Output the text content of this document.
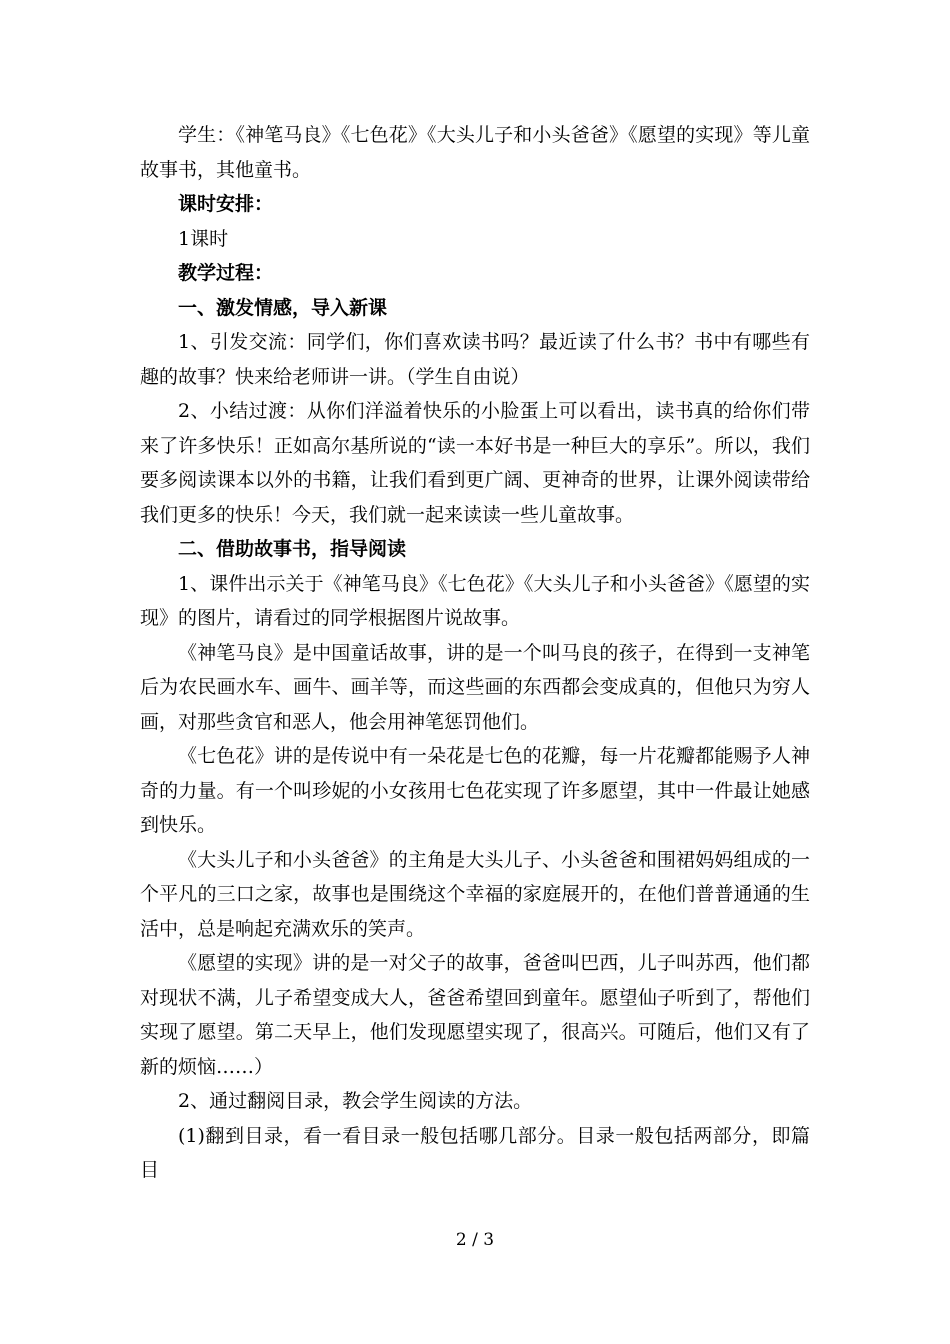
学生：《神笔马良》《七色花》《大头儿子和小头爸爸》《愿望的实现》等儿童故事书，其他童书。

课时安排：

1课时

教学过程：

一、激发情感，导入新课

1、引发交流：同学们，你们喜欢读书吗？最近读了什么书？书中有哪些有趣的故事？快来给老师讲一讲。（学生自由说）

2、小结过渡：从你们洋溢着快乐的小脸蛋上可以看出，读书真的给你们带来了许多快乐！正如高尔基所说的“读一本好书是一种巨大的享乐”。所以，我们要多阅读课本以外的书籍，让我们看到更广阔、更神奇的世界，让课外阅读带给我们更多的快乐！今天，我们就一起来读读一些儿童故事。

二、借助故事书，指导阅读

1、课件出示关于《神笔马良》《七色花》《大头儿子和小头爸爸》《愿望的实现》的图片，请看过的同学根据图片说故事。

《神笔马良》是中国童话故事，讲的是一个叫马良的孩子，在得到一支神笔后为农民画水车、画牛、画羊等，而这些画的东西都会变成真的，但他只为穷人画，对那些贪官和恶人，他会用神笔惩罚他们。

《七色花》讲的是传说中有一朵花是七色的花瓣，每一片花瓣都能赐予人神奇的力量。有一个叫珍妮的小女孩用七色花实现了许多愿望，其中一件最让她感到快乐。

《大头儿子和小头爸爸》的主角是大头儿子、小头爸爸和围裙妈妈组成的一个平凡的三口之家，故事也是围绕这个幸福的家庭展开的，在他们普普通通的生活中，总是响起充满欢乐的笑声。

《愿望的实现》讲的是一对父子的故事，爸爸叫巴西，儿子叫苏西，他们都对现状不满，儿子希望变成大人，爸爸希望回到童年。愿望仙子听到了，帮他们实现了愿望。第二天早上，他们发现愿望实现了，很高兴。可随后，他们又有了新的烦恼……）

2、通过翻阅目录，教会学生阅读的方法。

(1)翻到目录，看一看目录一般包括哪几部分。目录一般包括两部分，即篇目

2 / 3
